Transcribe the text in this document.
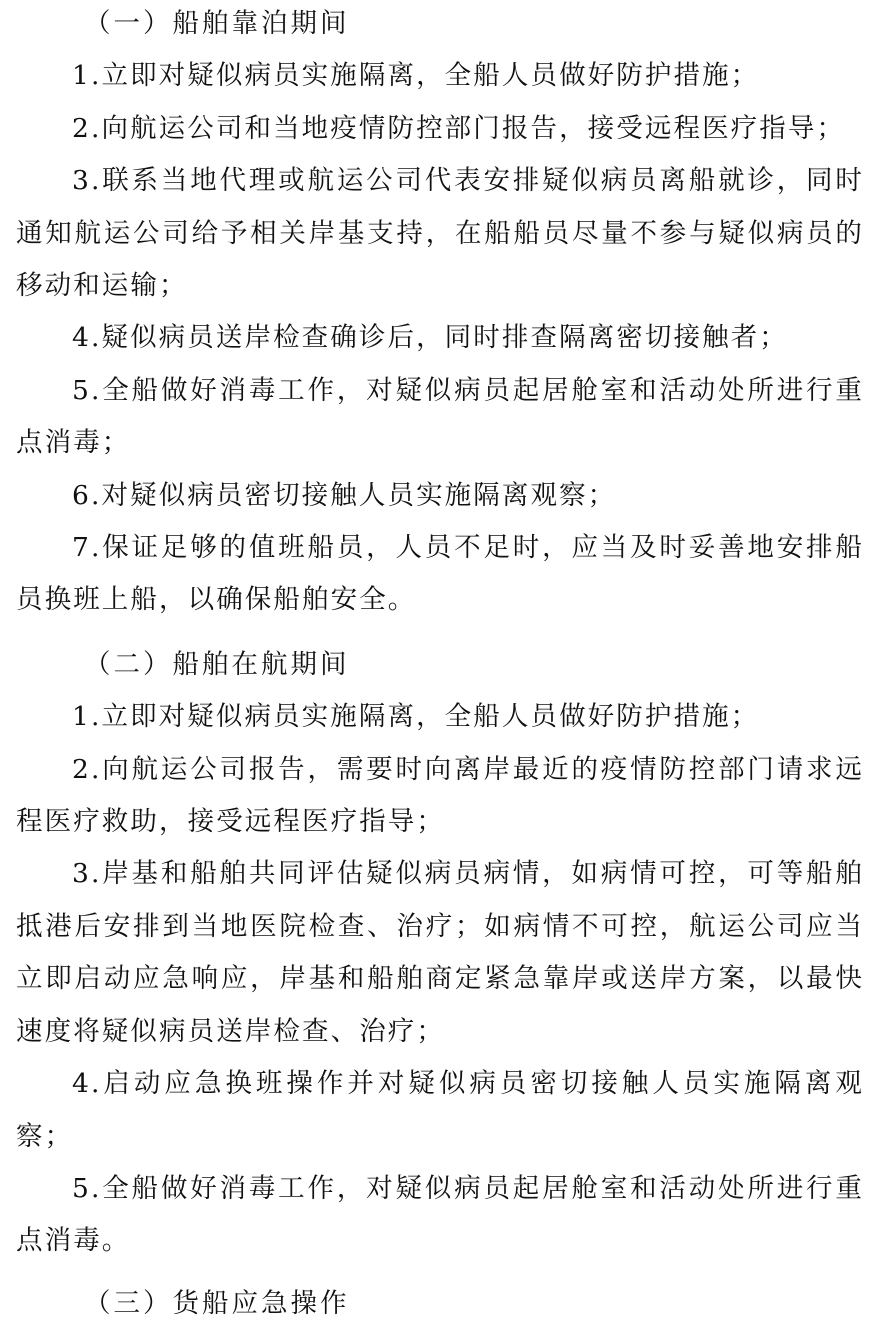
（一）船舶靠泊期间

1.立即对疑似病员实施隔离，全船人员做好防护措施；

2.向航运公司和当地疫情防控部门报告，接受远程医疗指导；

3.联系当地代理或航运公司代表安排疑似病员离船就诊，同时通知航运公司给予相关岸基支持，在船船员尽量不参与疑似病员的移动和运输；

4.疑似病员送岸检查确诊后，同时排查隔离密切接触者；

5.全船做好消毒工作，对疑似病员起居舱室和活动处所进行重点消毒；

6.对疑似病员密切接触人员实施隔离观察；

7.保证足够的值班船员，人员不足时，应当及时妥善地安排船员换班上船，以确保船舶安全。

（二）船舶在航期间

1.立即对疑似病员实施隔离，全船人员做好防护措施；

2.向航运公司报告，需要时向离岸最近的疫情防控部门请求远程医疗救助，接受远程医疗指导；

3.岸基和船舶共同评估疑似病员病情，如病情可控，可等船舶抵港后安排到当地医院检查、治疗；如病情不可控，航运公司应当立即启动应急响应，岸基和船舶商定紧急靠岸或送岸方案，以最快速度将疑似病员送岸检查、治疗；

4.启动应急换班操作并对疑似病员密切接触人员实施隔离观察；

5.全船做好消毒工作，对疑似病员起居舱室和活动处所进行重点消毒。

（三）货船应急操作
